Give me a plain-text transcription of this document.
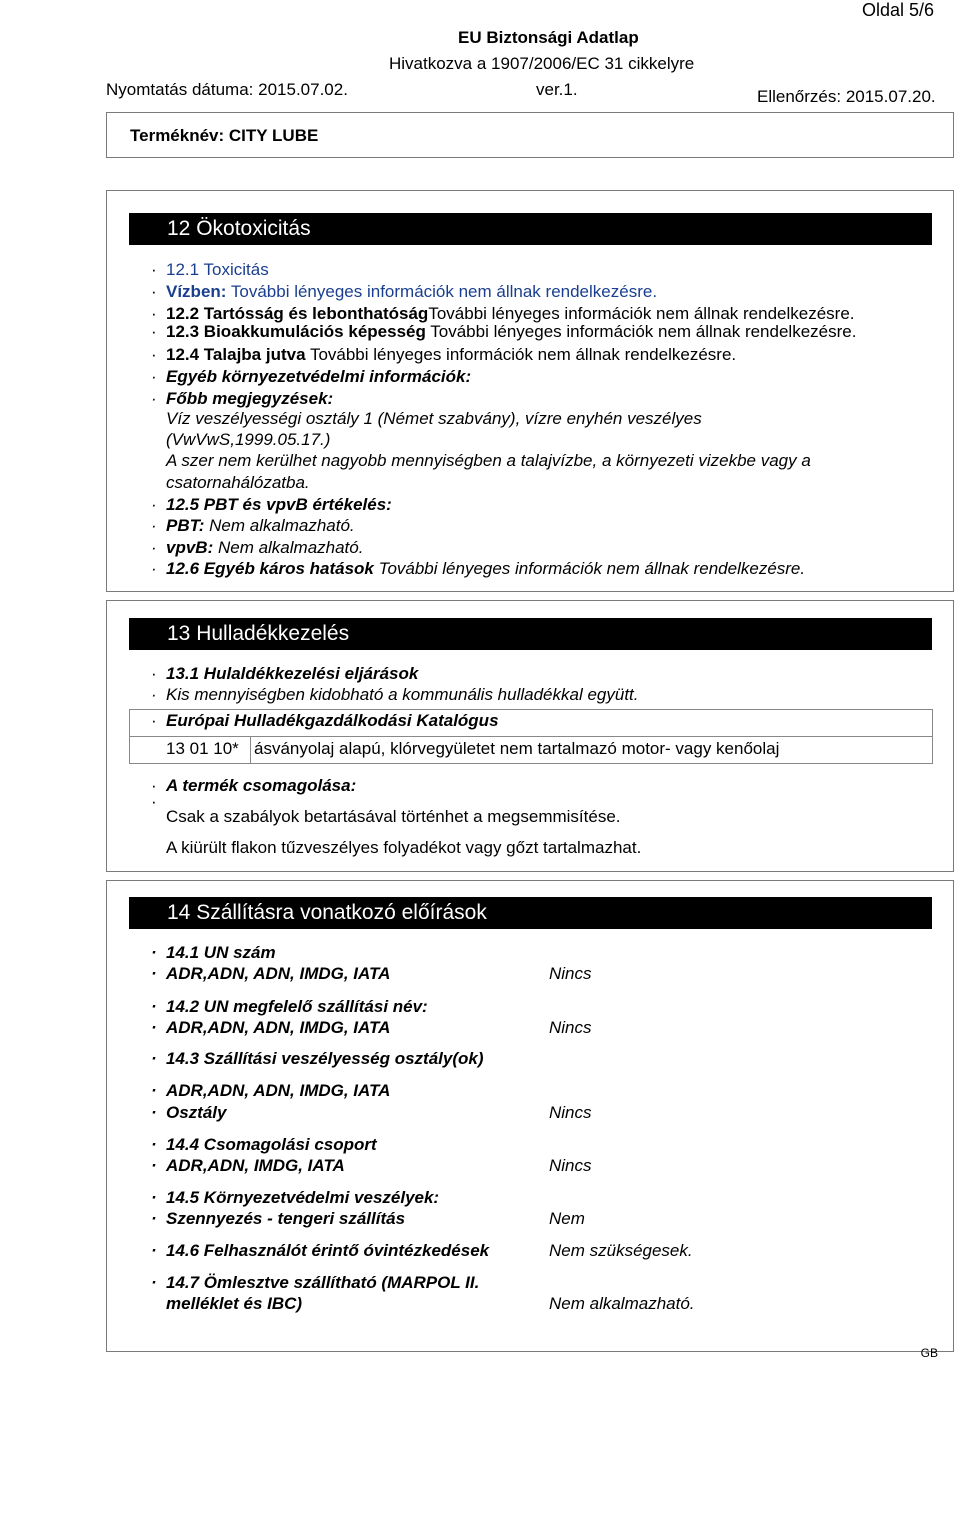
Oldal 5/6
EU Biztonsági Adatlap
Hivatkozva a 1907/2006/EC 31 cikkelyre
Nyomtatás dátuma: 2015.07.02.	ver.1.	Ellenőrzés: 2015.07.20.
Terméknév: CITY LUBE
12 Ökotoxicitás
· 12.1 Toxicitás
· Vízben: További lényeges információk nem állnak rendelkezésre.
· 12.2 Tartósság és lebonthatóságTovábbi lényeges információk nem állnak rendelkezésre.
· 12.3 Bioakkumulációs képesség További lényeges információk nem állnak rendelkezésre.
· 12.4 Talajba jutva További lényeges információk nem állnak rendelkezésre.
· Egyéb környezetvédelmi információk:
· Főbb megjegyzések:
Víz veszélyességi osztály 1 (Német szabvány), vízre enyhén veszélyes
(VwVwS,1999.05.17.)
A szer nem kerülhet nagyobb mennyiségben a talajvízbe, a környezeti vizekbe vagy a
csatornahálózatba.
· 12.5 PBT és vpvB értékelés:
· PBT: Nem alkalmazható.
· vpvB: Nem alkalmazható.
· 12.6 Egyéb káros hatások További lényeges információk nem állnak rendelkezésre.
13 Hulladékkezelés
· 13.1 Hulaldékkezelési eljárások
· Kis mennyiségben kidobható a kommunális hulladékkal együtt.
· Európai Hulladékgazdálkodási Katalógus
13 01 10* ásványolaj alapú, klórvegyületet nem tartalmazó motor- vagy kenőolaj
· A termék csomagolása:
·
Csak a szabályok betartásával történhet a megsemmisítése.
A kiürült flakon tűzveszélyes folyadékot vagy gőzt tartalmazhat.
14 Szállításra vonatkozó előírások
· 14.1 UN szám
· ADR,ADN, ADN, IMDG, IATA	Nincs
· 14.2 UN megfelelő szállítási név:
· ADR,ADN, ADN, IMDG, IATA	Nincs
· 14.3 Szállítási veszélyesség osztály(ok)
· ADR,ADN, ADN, IMDG, IATA
· Osztály	Nincs
· 14.4 Csomagolási csoport
· ADR,ADN, IMDG, IATA	Nincs
· 14.5 Környezetvédelmi veszélyek:
· Szennyezés - tengeri szállítás	Nem
· 14.6 Felhasználót érintő óvintézkedések	Nem szükségesek.
· 14.7 Ömlesztve szállítható (MARPOL II.
melléklet és IBC)	Nem alkalmazható.
GB
